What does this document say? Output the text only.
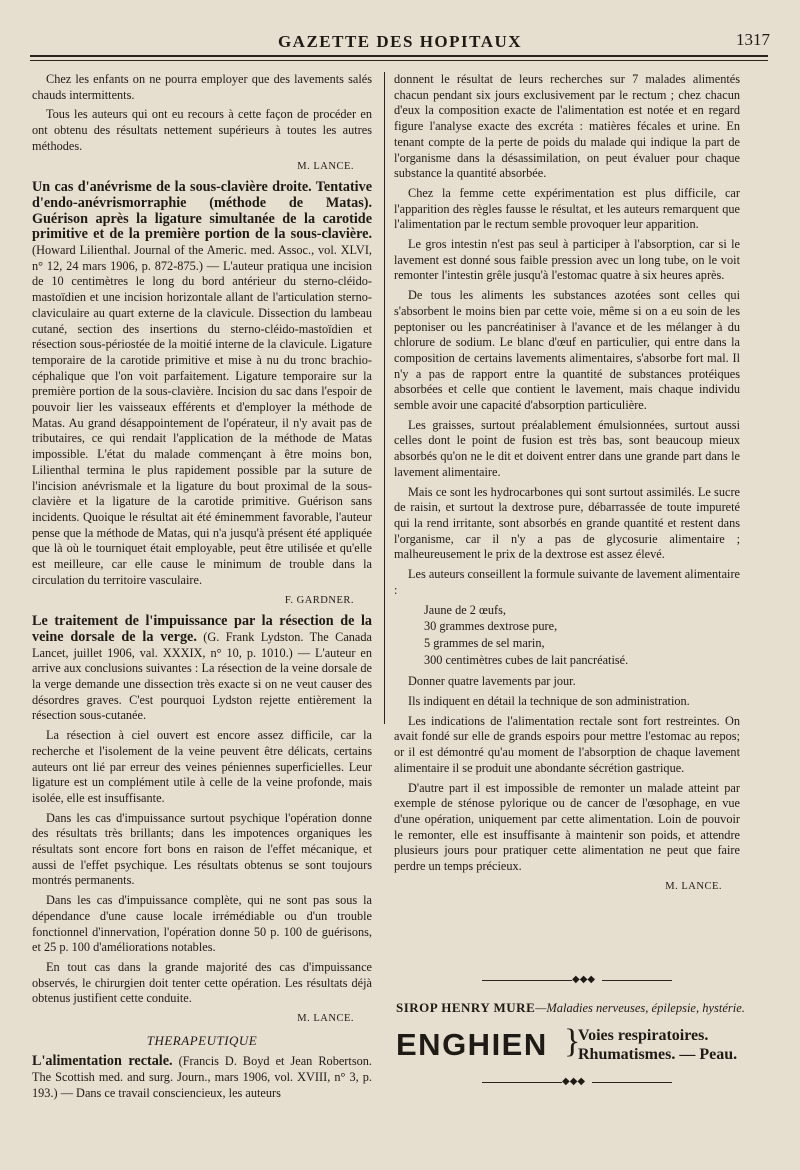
GAZETTE DES HOPITAUX	1317

Chez les enfants on ne pourra employer que des lavements salés chauds intermittents.

Tous les auteurs qui ont eu recours à cette façon de procéder en ont obtenu des résultats nettement supérieurs à toutes les autres méthodes.

M. LANCE.

Un cas d'anévrisme de la sous-clavière droite. Tentative d'endo-anévrismorraphie (méthode de Matas). Guérison après la ligature simultanée de la carotide primitive et de la première portion de la sous-clavière. (Howard Lilienthal. Journal of the Americ. med. Assoc., vol. XLVI, n° 12, 24 mars 1906, p. 872-875.) — L'auteur pratiqua une incision de 10 centimètres le long du bord antérieur du sterno-cléido-mastoïdien et une incision horizontale allant de l'articulation sterno-claviculaire au quart externe de la clavicule. Dissection du lambeau cutané, section des insertions du sterno-cléido-mastoïdien et résection sous-périostée de la moitié interne de la clavicule. Ligature temporaire de la carotide primitive et mise à nu du tronc brachio-céphalique que l'on voit parfaitement. Ligature temporaire sur la première portion de la sous-clavière. Incision du sac dans l'espoir de pouvoir lier les vaisseaux efférents et d'employer la méthode de Matas. Au grand désappointement de l'opérateur, il n'y avait pas de tributaires, ce qui rendait l'application de la méthode de Matas impossible. L'état du malade commençant à être moins bon, Lilienthal termina le plus rapidement possible par la suture de l'incision anévrismale et la ligature du bout proximal de la sous-clavière et la ligature de la carotide primitive. Guérison sans incidents. Quoique le résultat ait été éminemment favorable, l'auteur pense que la méthode de Matas, qui n'a jusqu'à présent été appliquée que là où le tourniquet était employable, peut être utilisée et qu'elle est meilleure, car elle cause le minimum de trouble dans la circulation du territoire vasculaire.

F. GARDNER.

Le traitement de l'impuissance par la résection de la veine dorsale de la verge. (G. Frank Lydston. The Canada Lancet, juillet 1906, val. XXXIX, n° 10, p. 1010.) — L'auteur en arrive aux conclusions suivantes : La résection de la veine dorsale de la verge demande une dissection très exacte si on ne veut causer des désordres graves. C'est pourquoi Lydston rejette entièrement la résection sous-cutanée.

La résection à ciel ouvert est encore assez difficile, car la recherche et l'isolement de la veine peuvent être délicats, certains auteurs ont lié par erreur des veines péniennes superficielles. Leur ligature est un complément utile à celle de la veine profonde, mais isolée, elle est insuffisante.

Dans les cas d'impuissance surtout psychique l'opération donne des résultats très brillants; dans les impotences organiques les résultats sont encore fort bons en raison de l'effet mécanique, et aussi de l'effet psychique. Les résultats obtenus se sont toujours montrés permanents.

Dans les cas d'impuissance complète, qui ne sont pas sous la dépendance d'une cause locale irrémédiable ou d'un trouble fonctionnel d'innervation, l'opération donne 50 p. 100 de guérisons, et 25 p. 100 d'améliorations notables.

En tout cas dans la grande majorité des cas d'impuissance observés, le chirurgien doit tenter cette opération. Les résultats déjà obtenus justifient cette conduite.

M. LANCE.

THERAPEUTIQUE

L'alimentation rectale. (Francis D. Boyd et Jean Robertson. The Scottish med. and surg. Journ., mars 1906, vol. XVIII, n° 3, p. 193.) — Dans ce travail consciencieux, les auteurs

donnent le résultat de leurs recherches sur 7 malades alimentés chacun pendant six jours exclusivement par le rectum ; chez chacun d'eux la composition exacte de l'alimentation est notée et en regard figure l'analyse exacte des excréta : matières fécales et urine. En tenant compte de la perte de poids du malade qui indique la part de l'organisme dans la désassimilation, on peut évaluer pour chaque substance la quantité absorbée.

Chez la femme cette expérimentation est plus difficile, car l'apparition des règles fausse le résultat, et les auteurs remarquent que l'alimentation par le rectum semble provoquer leur apparition.

Le gros intestin n'est pas seul à participer à l'absorption, car si le lavement est donné sous faible pression avec un long tube, on le voit remonter l'intestin grêle jusqu'à l'estomac quatre à six heures après.

De tous les aliments les substances azotées sont celles qui s'absorbent le moins bien par cette voie, même si on a eu soin de les peptoniser ou les pancréatiniser à l'avance et de les mélanger à du chlorure de sodium. Le blanc d'œuf en particulier, qui entre dans la composition de certains lavements alimentaires, s'absorbe fort mal. Il n'y a pas de rapport entre la quantité de substances protéiques absorbées et celle que contient le lavement, mais chaque individu semble avoir une capacité d'absorption particulière.

Les graisses, surtout préalablement émulsionnées, surtout aussi celles dont le point de fusion est très bas, sont beaucoup mieux absorbés qu'on ne le dit et doivent entrer dans une grande part dans le lavement alimentaire.

Mais ce sont les hydrocarbones qui sont surtout assimilés. Le sucre de raisin, et surtout la dextrose pure, débarrassée de toute impureté qui la rend irritante, sont absorbés en grande quantité et restent dans l'organisme, car il n'y a pas de glycosurie alimentaire ; malheureusement le prix de la dextrose est assez élevé.

Les auteurs conseillent la formule suivante de lavement alimentaire :

Jaune de 2 œufs,
30 grammes dextrose pure,
5 grammes de sel marin,
300 centimètres cubes de lait pancréatisé.

Donner quatre lavements par jour.

Ils indiquent en détail la technique de son administration.

Les indications de l'alimentation rectale sont fort restreintes. On avait fondé sur elle de grands espoirs pour mettre l'estomac au repos; or il est démontré qu'au moment de l'absorption de chaque lavement alimentaire il se produit une abondante sécrétion gastrique.

D'autre part il est impossible de remonter un malade atteint par exemple de sténose pylorique ou de cancer de l'œsophage, en vue d'une opération, uniquement par cette alimentation. Loin de pouvoir le remonter, elle est insuffisante à maintenir son poids, et attendre plusieurs jours pour pratiquer cette alimentation ne peut que faire perdre un temps précieux.

M. LANCE.

◆◆◆
SIROP HENRY MURE—Maladies nerveuses, épilepsie, hystérie.
ENGHIEN }
Voies respiratoires.
Rhumatismes. — Peau.
◆◆◆
